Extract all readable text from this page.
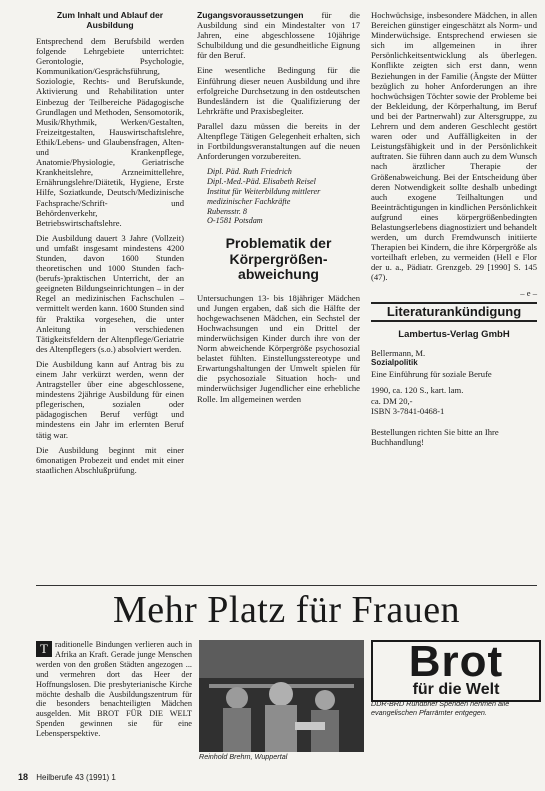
Zum Inhalt und Ablauf der Ausbildung

Entsprechend dem Berufsbild werden folgende Lehrgebiete unterrichtet: Gerontologie, Psychologie, Kommunikation/Gesprächsführung, Soziologie, Rechts- und Berufskunde, Aktivierung und Rehabilitation unter Einbezug der Teilbereiche Pädagogische Grundlagen und Methoden, Sensomotorik, Musik/Rhythmik, Werken/Gestalten, Freizeitgestalten, Hauswirtschaftslehre, Ethik/Lebens- und Glaubensfragen, Alten- und Krankenpflege, Anatomie/Physiologie, Geriatrische Krankheitslehre, Arzneimittellehre, Ernährungslehre/Diätetik, Hygiene, Erste Hilfe, Soziatkunde, Deutsch/Medizinische Fachsprache/Schrift- und Behördenverkehr, Betriebswirtschaftslehre.

Die Ausbildung dauert 3 Jahre (Vollzeit) und umfaßt insgesamt mindestens 4200 Stunden, davon 1600 Stunden theoretischen und 1000 Stunden fach-(berufs-)praktischen Unterricht, der an geeigneten Bildungseinrichtungen – in der Regel an medizinischen Fachschulen – vermittelt werden kann. 1600 Stunden sind für Praktika vorgesehen, die unter Anleitung in verschiedenen Tätigkeitsfeldern der Altenpflege/Geriatrie des Altenpflegers (s.o.) absolviert werden.

Die Ausbildung kann auf Antrag bis zu einem Jahr verkürzt werden, wenn der Antragsteller über eine abgeschlossene, mindestens 2jährige Ausbildung für einen pflegerischen, sozialen oder pädagogischen Beruf verfügt und mindestens ein Jahr im erlernten Beruf tätig war.

Die Ausbildung beginnt mit einer 6monatigen Probezeit und endet mit einer staatlichen Abschlußprüfung.

Zugangsvoraussetzungen für die Ausbildung sind ein Mindestalter von 17 Jahren, eine abgeschlossene 10jährige Schulbildung und die gesundheitliche Eignung für den Beruf.

Eine wesentliche Bedingung für die Einführung dieser neuen Ausbildung und ihre erfolgreiche Durchsetzung in den ostdeutschen Bundesländern ist die Qualifizierung der Lehrkräfte und Praxisbegleiter.

Parallel dazu müssen die bereits in der Altenpflege Tätigen Gelegenheit erhalten, sich in Fortbildungsveranstaltungen auf die neuen Anforderungen vorzubereiten.

Dipl. Päd. Ruth Friedrich
Dipl.-Med.-Päd. Elisabeth Reisel
Institut für Weiterbildung mittlerer medizinischer Fachkräfte
Rubensstr. 8
O-1581 Potsdam
Problematik der Körpergrößen-abweichung

Untersuchungen 13- bis 18jähriger Mädchen und Jungen ergaben, daß sich die Hälfte der hochgewachsenen Mädchen, ein Sechstel der Hochwachsungen und ein Drittel der minderwüchsigen Kinder durch ihre von der Norm abweichende Körpergröße psychosozial belastet fühlten. Einstellungsstereotype und Erwartungshaltungen der Umwelt spielen für die psychosoziale Situation hoch- und minderwüchsiger Jugendlicher eine erhebliche Rolle. Im allgemeinen werden

Hochwüchsige, insbesondere Mädchen, in allen Bereichen günstiger eingeschätzt als Norm- und Minderwüchsige. Entsprechend erwiesen sie sich im allgemeinen in ihrer Persönlichkeitsentwicklung als überlegen. Konflikte zeigten sich erst dann, wenn Beziehungen in der Familie (Ängste der Mütter bezüglich zu hoher Anforderungen an ihre hochwüchsigen Töchter sowie der Probleme bei der Bekleidung, der Körperhaltung, im Beruf und bei der Partnerwahl) zur Altersgruppe, zu Lehrern und dem anderen Geschlecht gestört waren oder und Auffälligkeiten in der Leistungsfähigkeit und in der Persönlichkeit auftraten. Sie führen dann auch zu dem Wunsch nach ärztlicher Therapie der Größenabweichung. Bei der Entscheidung über deren Notwendigkeit sollte deshalb unbedingt auch exogene Teilhaltungen und Beeinträchtigungen in kindlichen Persönlichkeit aufgrund eines körpergrößenbedingten Belastungserlebens diagnostiziert und behandelt werden, um durch Fremdwunsch initiierte Therapien bei Kindern, die ihre Körpergröße als vorteilhaft erleben, zu vermeiden (Hell e Flor der u. a., Pädiatr. Grenzgeb. 29 [1990] S. 145 (47).

– e –
Literaturankündigung
Lambertus-Verlag GmbH
Bellermann, M.
Sozialpolitik
Eine Einführung für soziale Berufe
1990, ca. 120 S., kart. lam.
ca. DM 20,-
ISBN 3-7841-0468-1
Bestellungen richten Sie bitte an Ihre Buchhandlung!
Mehr Platz für Frauen
T raditionelle Bindungen verlieren auch in Afrika an Kraft. Gerade junge Menschen werden von den großen Städten angezogen ... und vermehren dort das Heer der Hoffnungslosen. Die presbyterianische Kirche möchte deshalb die Ausbildungszentrum für die besonders benachteiligten Mädchen ausgelden. Mit BROT FÜR DIE WELT Spenden gewinnen sie für eine Lebensperspektive.
Reinhold Brehm, Wuppertal
Brot
für die Welt
DDR-BRD Rundbrief Spenden nehmen alle evangelischen Pfarrämter entgegen.
18 Heilberufe 43 (1991) 1
